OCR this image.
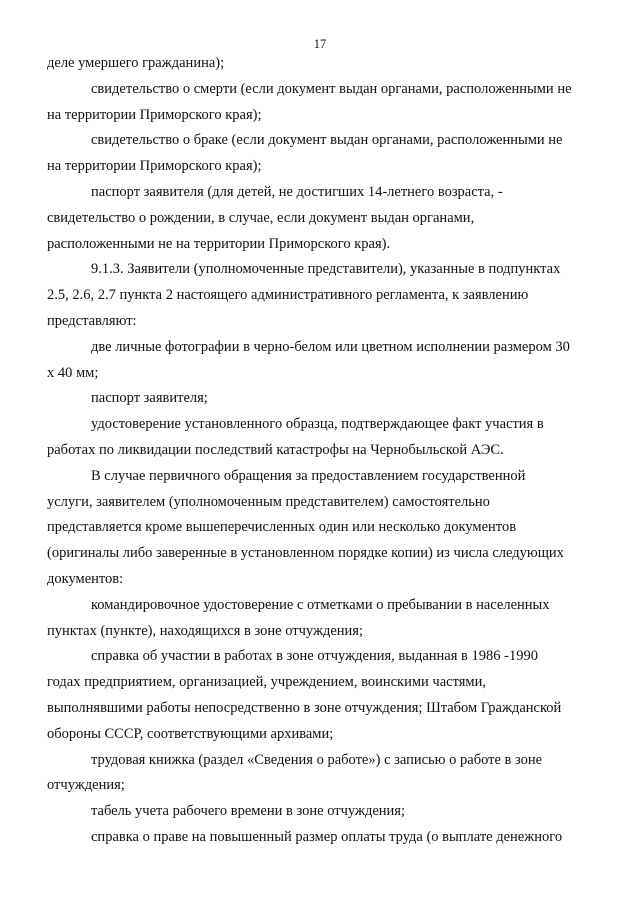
17

деле умершего гражданина);

свидетельство о смерти (если документ выдан органами, расположенными не
на территории Приморского края);

свидетельство о браке (если документ выдан органами, расположенными не
на территории Приморского края);

паспорт заявителя (для детей, не достигших 14-летнего возраста, -
свидетельство о рождении, в случае, если документ выдан органами,
расположенными не на территории Приморского края).

9.1.3. Заявители (уполномоченные представители), указанные в подпунктах
2.5, 2.6, 2.7 пункта 2 настоящего административного регламента, к заявлению
представляют:

две личные фотографии в черно-белом или цветном исполнении размером 30
х 40 мм;

паспорт заявителя;

удостоверение установленного образца, подтверждающее факт участия в
работах по ликвидации последствий катастрофы на Чернобыльской АЭС.

В случае первичного обращения за предоставлением государственной
услуги, заявителем (уполномоченным представителем) самостоятельно
представляется кроме вышеперечисленных один или несколько документов
(оригиналы либо заверенные в установленном порядке копии) из числа следующих
документов:

командировочное удостоверение с отметками о пребывании в населенных
пунктах (пункте), находящихся в зоне отчуждения;

справка об участии в работах в зоне отчуждения, выданная в 1986 -1990
годах предприятием, организацией, учреждением, воинскими частями,
выполнявшими работы непосредственно в зоне отчуждения; Штабом Гражданской
обороны СССР, соответствующими архивами;

трудовая книжка (раздел «Сведения о работе») с записью о работе в зоне
отчуждения;

табель учета рабочего времени в зоне отчуждения;

справка о праве на повышенный размер оплаты труда (о выплате денежного
